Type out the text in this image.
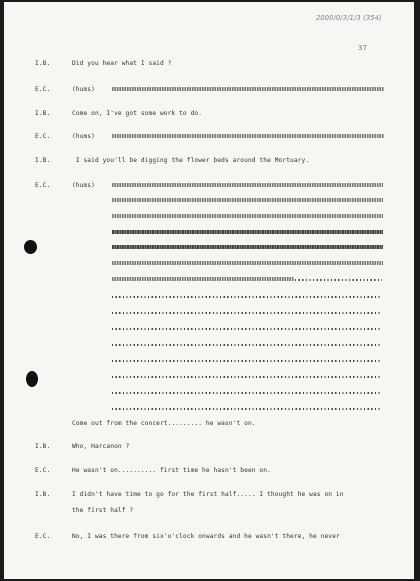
2000/0/3/1/3 (354)
37
I.B.	Did you hear what I said ?
E.C.	(hums)
I.B.	Come on, I've got some work to do.
E.C.	(hums)
I.B.	I said you'll be digging the flower beds around the Mortuary.
E.C.	(hums)
Come out from the concert......... he wasn't on.
I.B.	Who, Harcanon ?
E.C.	He wasn't on.......... first time he hasn't been on.
I.B.	I didn't have time to go for the first half..... I thought he was on in
the first half ?
E.C.	No, I was there from six'o'clock onwards and he wasn't there, he never
